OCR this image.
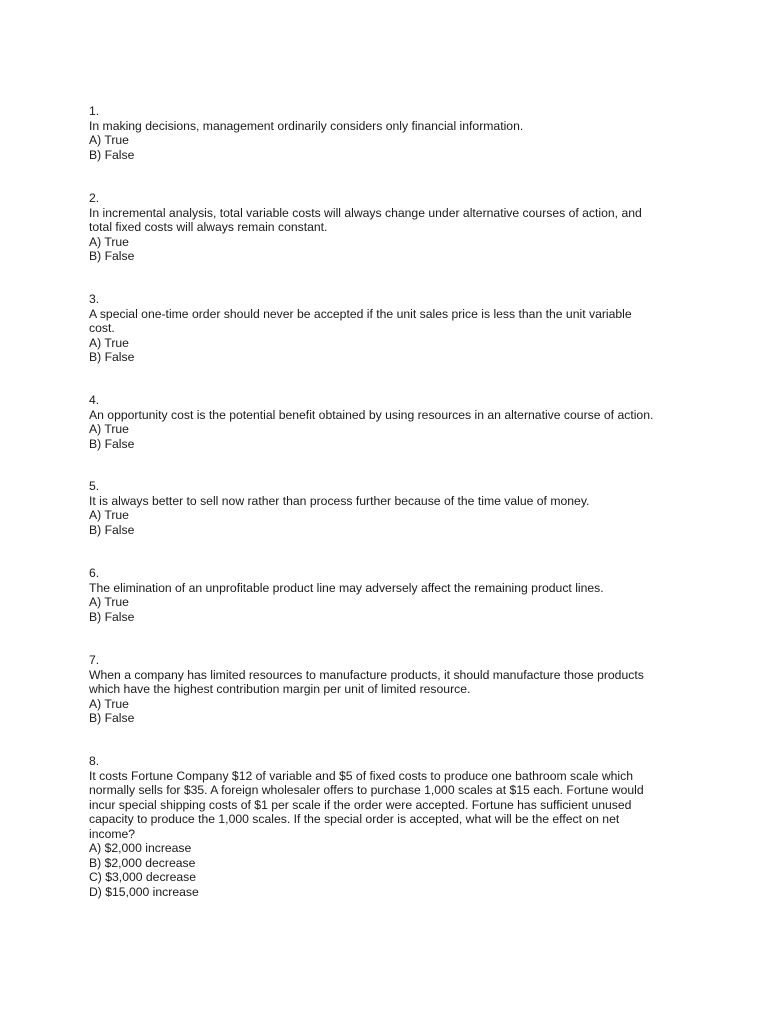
1.
In making decisions, management ordinarily considers only financial information.
A) True
B) False
2.
In incremental analysis, total variable costs will always change under alternative courses of action, and
total fixed costs will always remain constant.
A) True
B) False
3.
A special one-time order should never be accepted if the unit sales price is less than the unit variable
cost.
A) True
B) False
4.
An opportunity cost is the potential benefit obtained by using resources in an alternative course of action.
A) True
B) False
5.
It is always better to sell now rather than process further because of the time value of money.
A) True
B) False
6.
The elimination of an unprofitable product line may adversely affect the remaining product lines.
A) True
B) False
7.
When a company has limited resources to manufacture products, it should manufacture those products
which have the highest contribution margin per unit of limited resource.
A) True
B) False
8.
It costs Fortune Company $12 of variable and $5 of fixed costs to produce one bathroom scale which
normally sells for $35. A foreign wholesaler offers to purchase 1,000 scales at $15 each. Fortune would
incur special shipping costs of $1 per scale if the order were accepted. Fortune has sufficient unused
capacity to produce the 1,000 scales. If the special order is accepted, what will be the effect on net
income?
A) $2,000 increase
B) $2,000 decrease
C) $3,000 decrease
D) $15,000 increase
